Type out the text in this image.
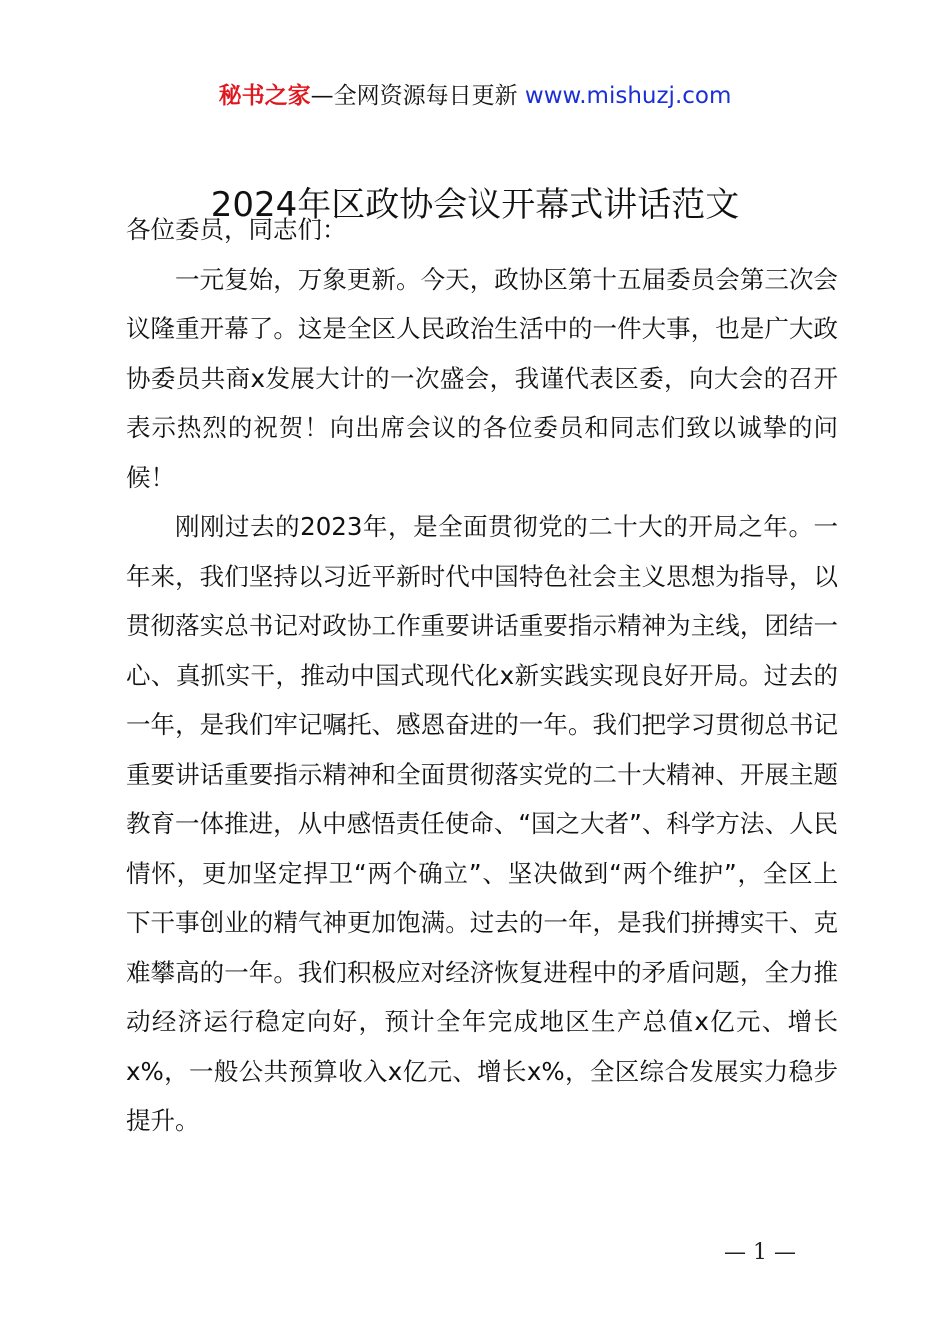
秘书之家—全网资源每日更新 www.mishuzj.com
2024年区政协会议开幕式讲话范文

各位委员，同志们：

一元复始，万象更新。今天，政协区第十五届委员会第三次会议隆重开幕了。这是全区人民政治生活中的一件大事，也是广大政协委员共商x发展大计的一次盛会，我谨代表区委，向大会的召开表示热烈的祝贺！向出席会议的各位委员和同志们致以诚挚的问候！

刚刚过去的2023年，是全面贯彻党的二十大的开局之年。一年来，我们坚持以习近平新时代中国特色社会主义思想为指导，以贯彻落实总书记对政协工作重要讲话重要指示精神为主线，团结一心、真抓实干，推动中国式现代化x新实践实现良好开局。过去的一年，是我们牢记嘱托、感恩奋进的一年。我们把学习贯彻总书记重要讲话重要指示精神和全面贯彻落实党的二十大精神、开展主题教育一体推进，从中感悟责任使命、“国之大者”、科学方法、人民情怀，更加坚定捍卫“两个确立”、坚决做到“两个维护”，全区上下干事创业的精气神更加饱满。过去的一年，是我们拼搏实干、克难攀高的一年。我们积极应对经济恢复进程中的矛盾问题，全力推动经济运行稳定向好，预计全年完成地区生产总值x亿元、增长x%，一般公共预算收入x亿元、增长x%，全区综合发展实力稳步提升。

— 1 —
